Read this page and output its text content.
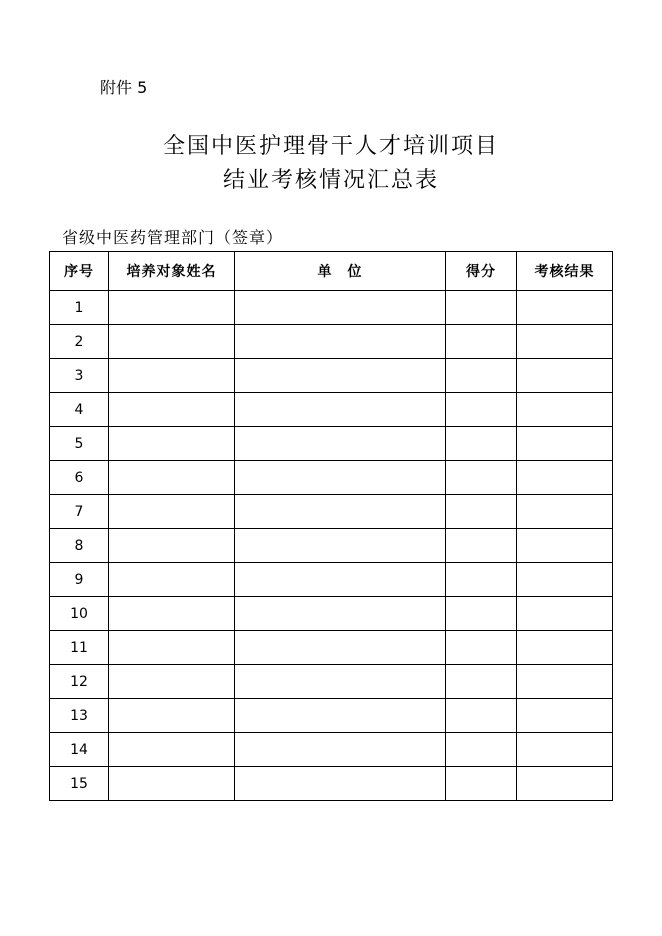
附件 5
全国中医护理骨干人才培训项目
结业考核情况汇总表
省级中医药管理部门（签章）
序号	培养对象姓名	单　位	得分	考核结果
1				
2				
3				
4				
5				
6				
7				
8				
9				
10				
11				
12				
13				
14				
15				
